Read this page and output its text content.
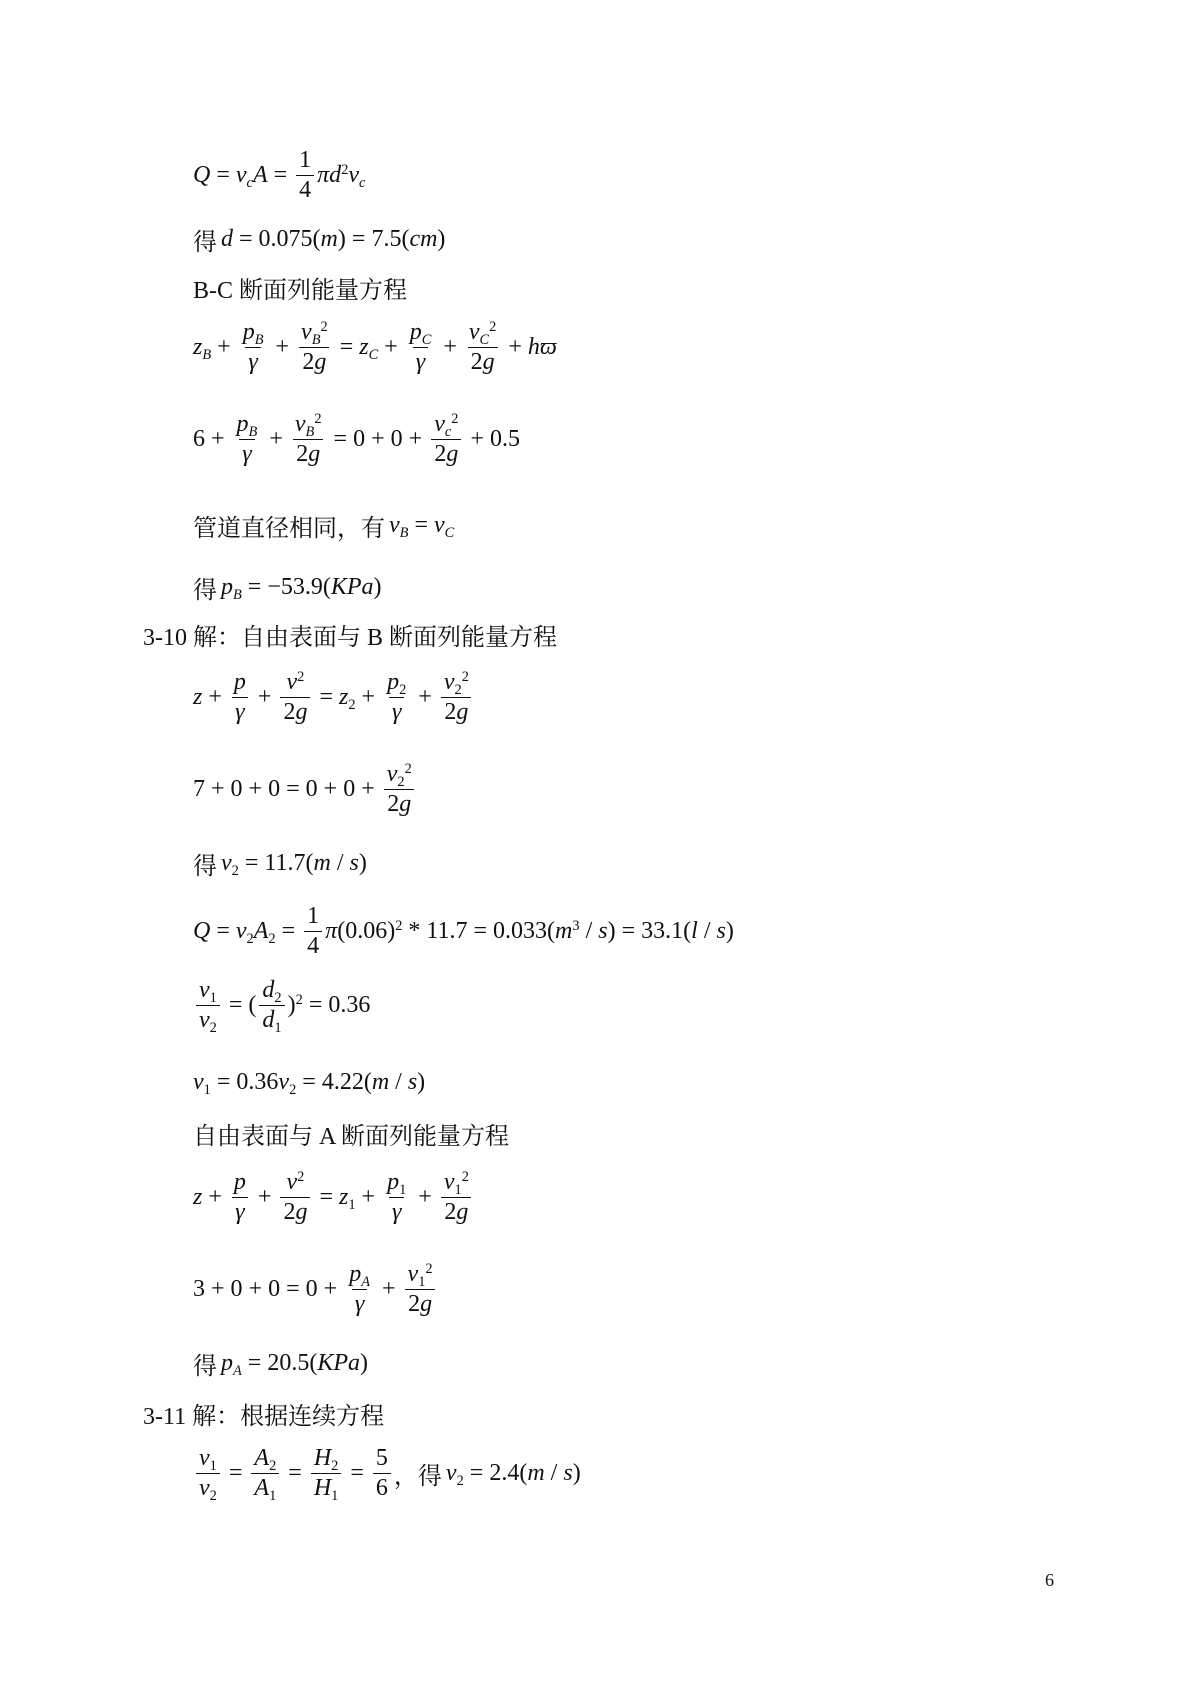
$Q = v_cA = \frac{1}{4} \pi d^2v_c$
得 d = 0.075(m) = 7.5(cm)
B-C 断面列能量方程
$z_B + \frac{p_B}{\gamma} + \frac{v_B^2}{2g} = z_C + \frac{p_C}{\gamma} + \frac{v_C^2}{2g} + hϖ$
$6 + \frac{p_B}{\gamma} + \frac{v_B^2}{2g} = 0 + 0 + \frac{v_c^2}{2g} + 0.5$
管道直径相同，有 $v_B = v_C$
得 $p_B = -53.9(KPa)$
3-10 解：自由表面与 B 断面列能量方程
$z + \frac{p}{\gamma} + \frac{v^2}{2g} = z_2 + \frac{p_2}{\gamma} + \frac{v_2^2}{2g}$
$7 + 0 + 0 = 0 + 0 + \frac{v_2^2}{2g}$
得 $v_2 = 11.7(m / s)$
$Q = v_2A_2 = \frac{1}{4}$ π $(0.06)^2 * 11.7 = 0.033(m^3 / s) = 33.1(l / s)$
$\frac{v_1}{v_2}$ = ( $\frac{d_2}{d_1} )^2 = 0.36$
$v_1 = 0.36v_2 = 4.22(m / s)$
自由表面与 A 断面列能量方程
$z + \frac{p}{\gamma} + \frac{v^2}{2g} = z_1 + \frac{p_1}{\gamma} + \frac{v_1^2}{2g}$
$3 + 0 + 0 = 0 + \frac{p_A}{\gamma} + \frac{v_1^2}{2g}$
得 $p_A = 20.5(KPa)$
3-11 解：根据连续方程
$\frac{v_1}{v_2} = \frac{A_2}{A_1} = \frac{H_2}{H_1} = \frac{5}{6}$ ，得 $v_2 = 2.4(m / s)$
6
